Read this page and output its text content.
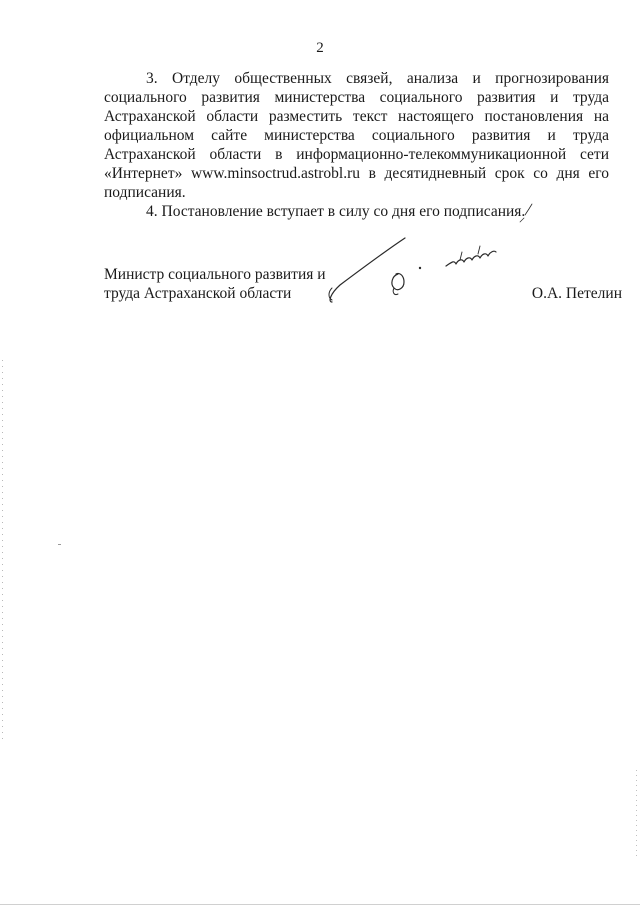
2

3. Отделу общественных связей, анализа и прогнозирования социального развития министерства социального развития и труда Астраханской области разместить текст настоящего постановления на официальном сайте министерства социального развития и труда Астраханской области в информационно-телекоммуникационной сети «Интернет» www.minsoctrud.astrobl.ru в десятидневный срок со дня его подписания.

4. Постановление вступает в силу со дня его подписания.

Министр социального развития и
труда Астраханской области	О.А. Петелин
